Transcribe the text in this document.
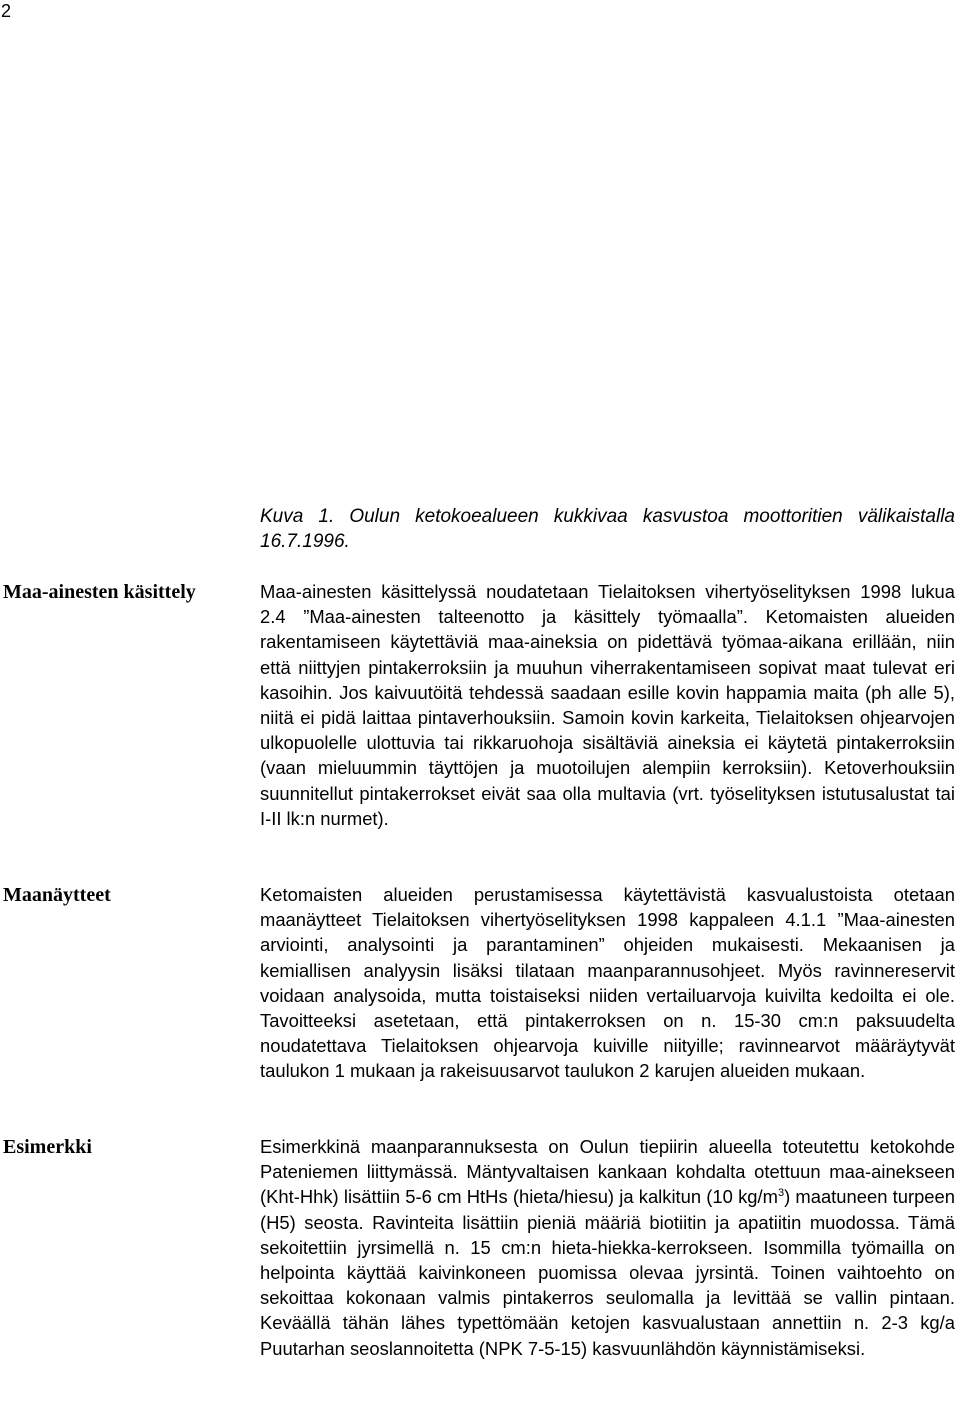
2
Kuva 1. Oulun ketokoealueen kukkivaa kasvustoa moottoritien välikaistalla 16.7.1996.
Maa-ainesten käsittely	Maa-ainesten käsittelyssä noudatetaan Tielaitoksen vihertyöselityksen 1998 lukua 2.4 ”Maa-ainesten talteenotto ja käsittely työmaalla”. Ketomaisten alueiden rakentamiseen käytettäviä maa-aineksia on pidettävä työmaa-aikana erillään, niin että niittyjen pintakerroksiin ja muuhun viherrakentamiseen sopivat maat tulevat eri kasoihin. Jos kaivuutöitä tehdessä saadaan esille kovin happamia maita (ph alle 5), niitä ei pidä laittaa pintaverhouksiin. Samoin kovin karkeita, Tielaitoksen ohjearvojen ulkopuolelle ulottuvia tai rikkaruohoja sisältäviä aineksia ei käytetä pintakerroksiin (vaan mieluummin täyttöjen ja muotoilujen alempiin kerroksiin). Ketoverhouksiin suunnitellut pintakerrokset eivät saa olla multavia (vrt. työselityksen istutusalustat tai I-II lk:n nurmet).

Maanäytteet	Ketomaisten alueiden perustamisessa käytettävistä kasvualustoista otetaan maanäytteet Tielaitoksen vihertyöselityksen 1998 kappaleen 4.1.1 ”Maa-ainesten arviointi, analysointi ja parantaminen” ohjeiden mukaisesti. Mekaanisen ja kemiallisen analyysin lisäksi tilataan maanparannusohjeet. Myös ravinnereservit voidaan analysoida, mutta toistaiseksi niiden vertailuarvoja kuivilta kedoilta ei ole. Tavoitteeksi asetetaan, että pintakerroksen on n. 15-30 cm:n paksuudelta noudatettava Tielaitoksen ohjearvoja kuiville niityille; ravinnearvot määräytyvät taulukon 1 mukaan ja rakeisuusarvot taulukon 2 karujen alueiden mukaan.

Esimerkki	Esimerkkinä maanparannuksesta on Oulun tiepiirin alueella toteutettu ketokohde Pateniemen liittymässä. Mäntyvaltaisen kankaan kohdalta otettuun maa-ainekseen (Kht-Hhk) lisättiin 5-6 cm HtHs (hieta/hiesu) ja kalkitun (10 $kg/m^3$) maatuneen turpeen (H5) seosta. Ravinteita lisättiin pieniä määriä biotiitin ja apatiitin muodossa. Tämä sekoitettiin jyrsimellä n. 15 cm:n hieta-hiekka-kerrokseen. Isommilla työmailla on helpointa käyttää kaivinkoneen puomissa olevaa jyrsintä. Toinen vaihtoehto on sekoittaa kokonaan valmis pintakerros seulomalla ja levittää se vallin pintaan. Keväällä tähän lähes typettömään ketojen kasvualustaan annettiin n. 2-3 kg/a Puutarhan seoslannoitetta (NPK 7-5-15) kasvuunlähdön käynnistämiseksi.
